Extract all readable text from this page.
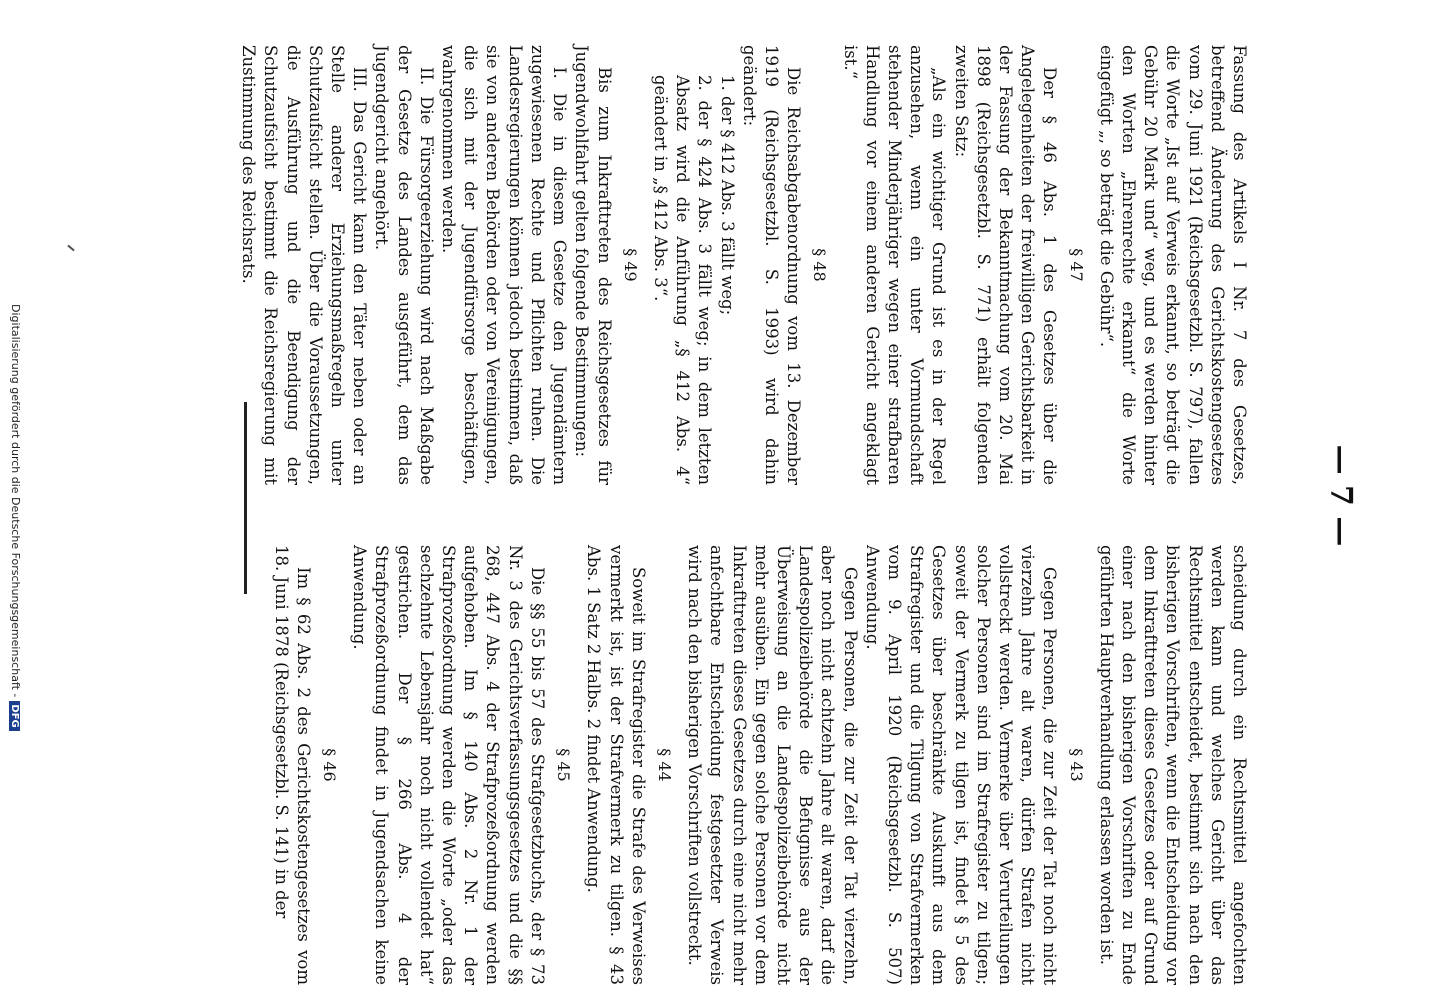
Fassung des Artikels I Nr. 7 des Gesetzes, betreffend Änderung des Gerichtskostengesetzes vom 29. Juni 1921 (Reichsgesetzbl. S. 797), fallen die Worte „Ist auf Verweis erkannt, so beträgt die Gebühr 20 Mark und“ weg, und es werden hinter den Worten „Ehrenrechte erkannt“ die Worte eingefügt „, so beträgt die Gebühr“.

§ 47

Der § 46 Abs. 1 des Gesetzes über die Angelegenheiten der freiwilligen Gerichtsbarkeit in der Fassung der Bekanntmachung vom 20. Mai 1898 (Reichsgesetzbl. S. 771) erhält folgenden zweiten Satz:

„Als ein wichtiger Grund ist es in der Regel anzusehen, wenn ein unter Vormundschaft stehender Minderjähriger wegen einer strafbaren Handlung vor einem anderen Gericht angeklagt ist.“

§ 48

Die Reichsabgabenordnung vom 13. Dezember 1919 (Reichsgesetzbl. S. 1993) wird dahin geändert:

1. der § 412 Abs. 3 fällt weg;
2. der § 424 Abs. 3 fällt weg; in dem letzten Absatz wird die Anführung „§ 412 Abs. 4“ geändert in „§ 412 Abs. 3“.
§ 49

Bis zum Inkrafttreten des Reichsgesetzes für Jugendwohlfahrt gelten folgende Bestimmungen:

I. Die in diesem Gesetze den Jugendämtern zugewiesenen Rechte und Pflichten ruhen. Die Landesregierungen können jedoch bestimmen, daß sie von anderen Behörden oder von Vereinigungen, die sich mit der Jugendfürsorge beschäftigen, wahrgenommen werden.

II. Die Fürsorgeerziehung wird nach Maßgabe der Gesetze des Landes ausgeführt, dem das Jugendgericht angehört.

III. Das Gericht kann den Täter neben oder an Stelle anderer Erziehungsmaßregeln unter Schutzaufsicht stellen. Über die Voraussetzungen, die Ausführung und die Beendigung der Schutzaufsicht bestimmt die Reichsregierung mit Zustimmung des Reichsrats.

scheidung durch ein Rechtsmittel angefochten werden kann und welches Gericht über das Rechtsmittel entscheidet, bestimmt sich nach den bisherigen Vorschriften, wenn die Entscheidung vor dem Inkrafttreten dieses Gesetzes oder auf Grund einer nach den bisherigen Vorschriften zu Ende geführten Hauptverhandlung erlassen worden ist.

§ 43

Gegen Personen, die zur Zeit der Tat noch nicht vierzehn Jahre alt waren, dürfen Strafen nicht vollstreckt werden. Vermerke über Verurteilungen solcher Personen sind im Strafregister zu tilgen; soweit der Vermerk zu tilgen ist, findet § 5 des Gesetzes über beschränkte Auskunft aus dem Strafregister und die Tilgung von Strafvermerken vom 9. April 1920 (Reichsgesetzbl. S. 507) Anwendung.

Gegen Personen, die zur Zeit der Tat vierzehn, aber noch nicht achtzehn Jahre alt waren, darf die Landespolizeibehörde die Befugnisse aus der Überweisung an die Landespolizeibehörde nicht mehr ausüben. Ein gegen solche Personen vor dem Inkrafttreten dieses Gesetzes durch eine nicht mehr anfechtbare Entscheidung festgesetzter Verweis wird nach den bisherigen Vorschriften vollstreckt.

§ 44

Soweit im Strafregister die Strafe des Verweises vermerkt ist, ist der Strafvermerk zu tilgen. § 43 Abs. 1 Satz 2 Halbs. 2 findet Anwendung.

§ 45

Die §§ 55 bis 57 des Strafgesetzbuchs, der § 73 Nr. 3 des Gerichtsverfassungsgesetzes und die §§ 268, 447 Abs. 4 der Strafprozeßordnung werden aufgehoben. Im § 140 Abs. 2 Nr. 1 der Strafprozeßordnung werden die Worte „oder das sechzehnte Lebensjahr noch nicht vollendet hat“ gestrichen. Der § 266 Abs. 4 der Strafprozeßordnung findet in Jugendsachen keine Anwendung.

§ 46

Im § 62 Abs. 2 des Gerichtskostengesetzes vom 18. Juni 1878 (Reichsgesetzbl. S. 141) in der

— 7 —
Digitalisierung gefördert durch die Deutsche Forschungsgemeinschaft -DFG
